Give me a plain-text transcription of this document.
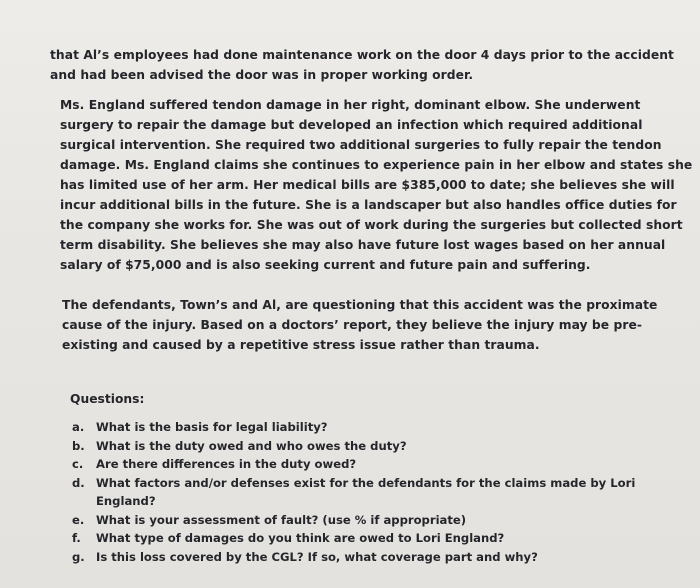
that Al’s employees had done maintenance work on the door 4 days prior to the accident
and had been advised the door was in proper working order.

Ms. England suffered tendon damage in her right, dominant elbow. She underwent
surgery to repair the damage but developed an infection which required additional
surgical intervention. She required two additional surgeries to fully repair the tendon
damage. Ms. England claims she continues to experience pain in her elbow and states she
has limited use of her arm. Her medical bills are $385,000 to date; she believes she will
incur additional bills in the future. She is a landscaper but also handles office duties for
the company she works for. She was out of work during the surgeries but collected short
term disability. She believes she may also have future lost wages based on her annual
salary of $75,000 and is also seeking current and future pain and suffering.

The defendants, Town’s and Al, are questioning that this accident was the proximate
cause of the injury. Based on a doctors’ report, they believe the injury may be pre-
existing and caused by a repetitive stress issue rather than trauma.

Questions:

a.	What is the basis for legal liability?
b. What is the duty owed and who owes the duty?
c.	Are there differences in the duty owed?
d. What factors and/or defenses exist for the defendants for the claims made by Lori
England?
e.	What is your assessment of fault? (use % if appropriate)
f.	What type of damages do you think are owed to Lori England?
g. Is this loss covered by the CGL? If so, what coverage part and why?
